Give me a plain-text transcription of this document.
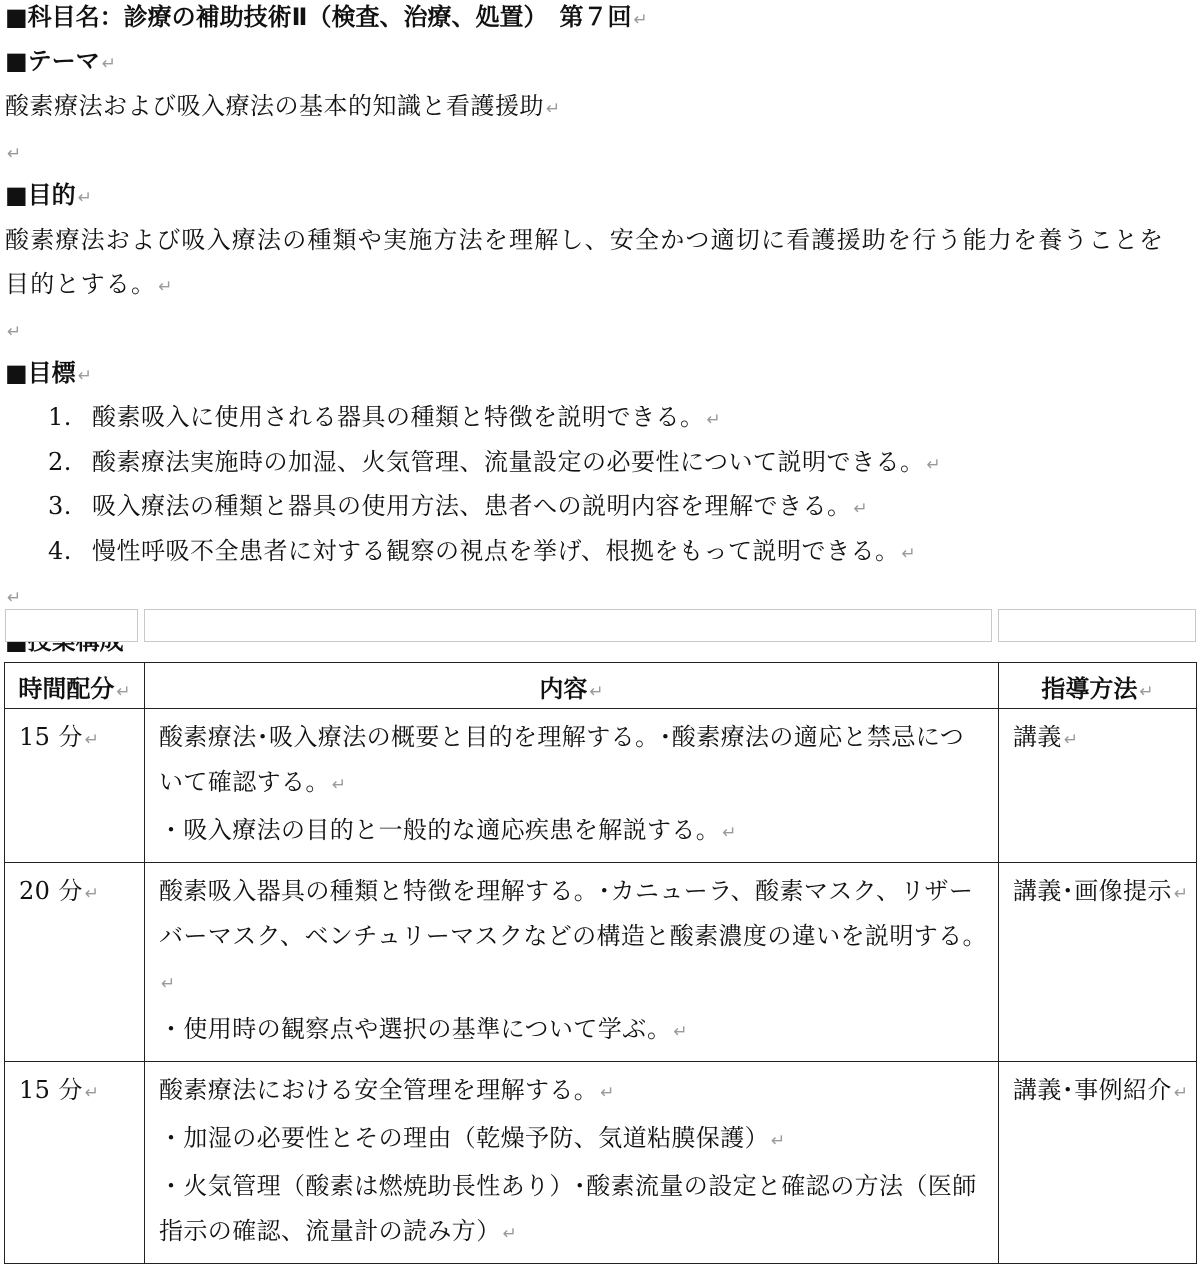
■科目名：診療の補助技術Ⅱ（検査、治療、処置）　第７回 ↵
■テーマ ↵
酸素療法および吸入療法の基本的知識と看護援助 ↵
↵
■目的 ↵
酸素療法および吸入療法の種類や実施方法を理解し、安全かつ適切に看護援助を行う能力を養うことを
目的とする。 ↵
↵
■目標 ↵
1. 酸素吸入に使用される器具の種類と特徴を説明できる。 ↵
2. 酸素療法実施時の加湿、火気管理、流量設定の必要性について説明できる。 ↵
3. 吸入療法の種類と器具の使用方法、患者への説明内容を理解できる。 ↵
4. 慢性呼吸不全患者に対する観察の視点を挙げ、根拠をもって説明できる。 ↵
↵
時間配分 ↵	内容 ↵	指導方法 ↵
15 分 ↵	酸素療法･吸入療法の概要と目的を理解する。･酸素療法の適応と禁忌について確認する。 ↵
・吸入療法の目的と一般的な適応疾患を解説する。 ↵	講義 ↵
20 分 ↵	酸素吸入器具の種類と特徴を理解する。･カニューラ、酸素マスク、リザーバーマスク、ベンチュリーマスクなどの構造と酸素濃度の違いを説明する。↵
・使用時の観察点や選択の基準について学ぶ。 ↵	講義･画像提示 ↵
15 分 ↵	酸素療法における安全管理を理解する。 ↵
・加湿の必要性とその理由（乾燥予防、気道粘膜保護） ↵
・火気管理（酸素は燃焼助長性あり）･酸素流量の設定と確認の方法（医師指示の確認、流量計の読み方） ↵	講義･事例紹介 ↵
